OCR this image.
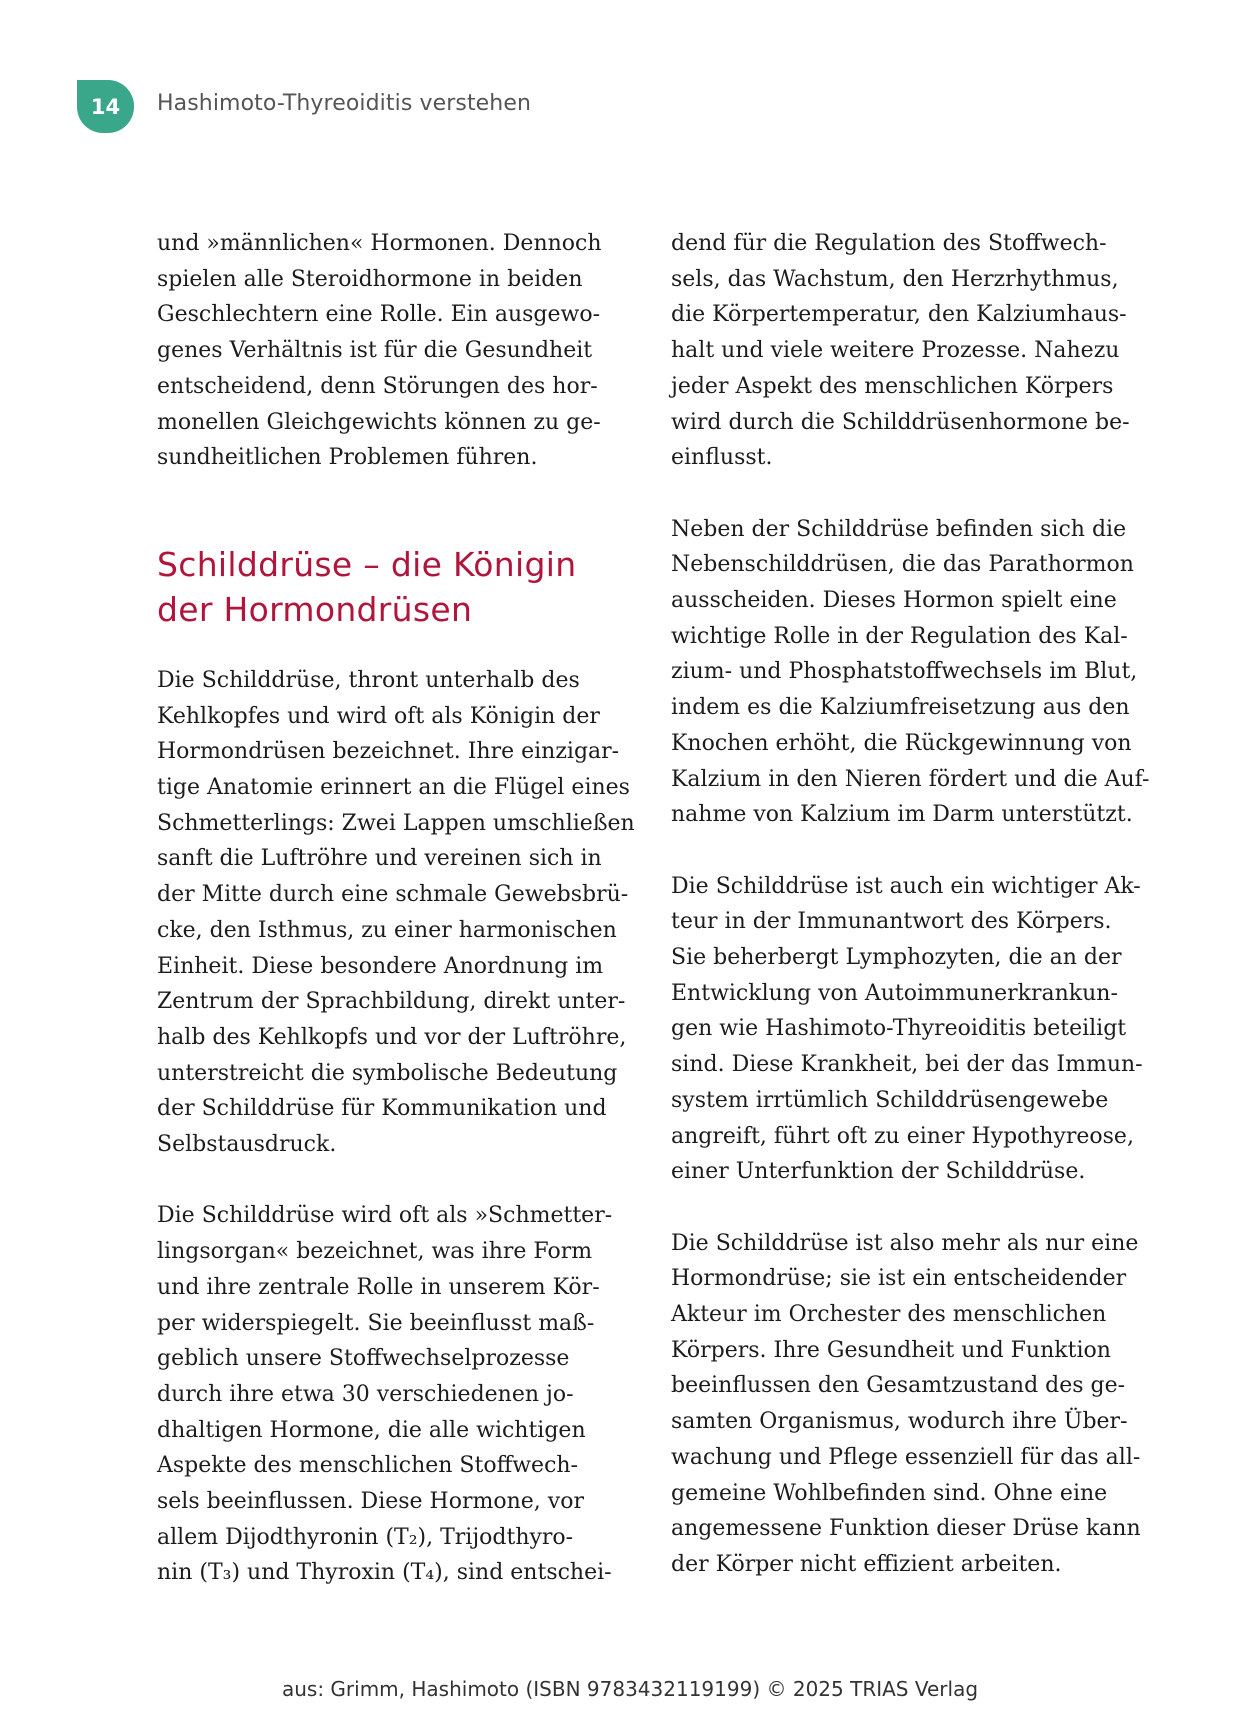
14	Hashimoto-Thyreoiditis verstehen

und »männlichen« Hormonen. Dennoch
spielen alle Steroidhormone in beiden
Geschlechtern eine Rolle. Ein ausgewo-
genes Verhältnis ist für die Gesundheit
entscheidend, denn Störungen des hor-
monellen Gleichgewichts können zu ge-
sundheitlichen Problemen führen.

Schilddrüse – die Königin
der Hormondrüsen

Die Schilddrüse, thront unterhalb des
Kehlkopfes und wird oft als Königin der
Hormondrüsen bezeichnet. Ihre einzigar-
tige Anatomie erinnert an die Flügel eines
Schmetterlings: Zwei Lappen umschließen
sanft die Luftröhre und vereinen sich in
der Mitte durch eine schmale Gewebsbrü-
cke, den Isthmus, zu einer harmonischen
Einheit. Diese besondere Anordnung im
Zentrum der Sprachbildung, direkt unter-
halb des Kehlkopfs und vor der Luftröhre,
unterstreicht die symbolische Bedeutung
der Schilddrüse für Kommunikation und
Selbstausdruck.

Die Schilddrüse wird oft als »Schmetter-
lingsorgan« bezeichnet, was ihre Form
und ihre zentrale Rolle in unserem Kör-
per widerspiegelt. Sie beeinflusst maß-
geblich unsere Stoffwechselprozesse
durch ihre etwa 30 verschiedenen jo-
dhaltigen Hormone, die alle wichtigen
Aspekte des menschlichen Stoffwech-
sels beeinflussen. Diese Hormone, vor
allem Dijodthyronin (T₂), Trijodthyro-
nin (T₃) und Thyroxin (T₄), sind entschei-

dend für die Regulation des Stoffwech-
sels, das Wachstum, den Herzrhythmus,
die Körpertemperatur, den Kalziumhaus-
halt und viele weitere Prozesse. Nahezu
jeder Aspekt des menschlichen Körpers
wird durch die Schilddrüsenhormone be-
einflusst.

Neben der Schilddrüse befinden sich die
Nebenschilddrüsen, die das Parathormon
ausscheiden. Dieses Hormon spielt eine
wichtige Rolle in der Regulation des Kal-
zium- und Phosphatstoffwechsels im Blut,
indem es die Kalziumfreisetzung aus den
Knochen erhöht, die Rückgewinnung von
Kalzium in den Nieren fördert und die Auf-
nahme von Kalzium im Darm unterstützt.

Die Schilddrüse ist auch ein wichtiger Ak-
teur in der Immunantwort des Körpers.
Sie beherbergt Lymphozyten, die an der
Entwicklung von Autoimmunerkrankun-
gen wie Hashimoto-Thyreoiditis beteiligt
sind. Diese Krankheit, bei der das Immun-
system irrtümlich Schilddrüsengewebe
angreift, führt oft zu einer Hypothyreose,
einer Unterfunktion der Schilddrüse.

Die Schilddrüse ist also mehr als nur eine
Hormondrüse; sie ist ein entscheidender
Akteur im Orchester des menschlichen
Körpers. Ihre Gesundheit und Funktion
beeinflussen den Gesamtzustand des ge-
samten Organismus, wodurch ihre Über-
wachung und Pflege essenziell für das all-
gemeine Wohlbefinden sind. Ohne eine
angemessene Funktion dieser Drüse kann
der Körper nicht effizient arbeiten.

aus: Grimm, Hashimoto (ISBN 9783432119199) © 2025 TRIAS Verlag
